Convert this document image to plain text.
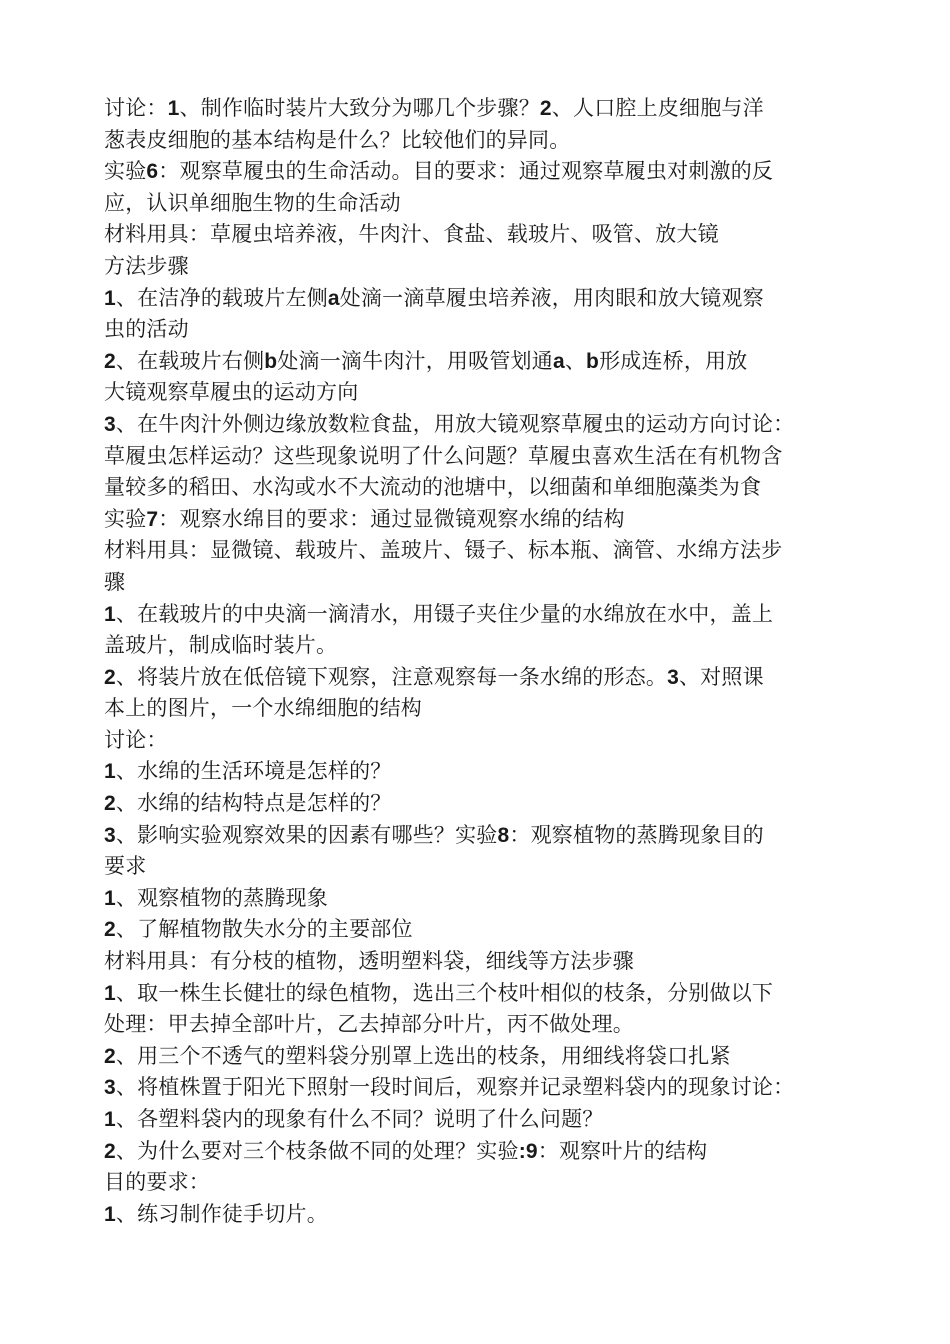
讨论：1、制作临时装片大致分为哪几个步骤？2、人口腔上皮细胞与洋
葱表皮细胞的基本结构是什么？比较他们的异同。
实验6：观察草履虫的生命活动。目的要求：通过观察草履虫对刺激的反
应，认识单细胞生物的生命活动
材料用具：草履虫培养液，牛肉汁、食盐、载玻片、吸管、放大镜
方法步骤
1、在洁净的载玻片左侧a处滴一滴草履虫培养液，用肉眼和放大镜观察
虫的活动
2、在载玻片右侧b处滴一滴牛肉汁，用吸管划通a、b形成连桥，用放
大镜观察草履虫的运动方向
3、在牛肉汁外侧边缘放数粒食盐，用放大镜观察草履虫的运动方向讨论：
草履虫怎样运动？这些现象说明了什么问题？草履虫喜欢生活在有机物含
量较多的稻田、水沟或水不大流动的池塘中，以细菌和单细胞藻类为食
实验7：观察水绵目的要求：通过显微镜观察水绵的结构
材料用具：显微镜、载玻片、盖玻片、镊子、标本瓶、滴管、水绵方法步
骤
1、在载玻片的中央滴一滴清水，用镊子夹住少量的水绵放在水中，盖上
盖玻片，制成临时装片。
2、将装片放在低倍镜下观察，注意观察每一条水绵的形态。3、对照课
本上的图片，一个水绵细胞的结构
讨论：
1、水绵的生活环境是怎样的？
2、水绵的结构特点是怎样的？
3、影响实验观察效果的因素有哪些？实验8：观察植物的蒸腾现象目的
要求
1、观察植物的蒸腾现象
2、了解植物散失水分的主要部位
材料用具：有分枝的植物，透明塑料袋，细线等方法步骤
1、取一株生长健壮的绿色植物，选出三个枝叶相似的枝条，分别做以下
处理：甲去掉全部叶片，乙去掉部分叶片，丙不做处理。
2、用三个不透气的塑料袋分别罩上选出的枝条，用细线将袋口扎紧
3、将植株置于阳光下照射一段时间后，观察并记录塑料袋内的现象讨论：
1、各塑料袋内的现象有什么不同？说明了什么问题？
2、为什么要对三个枝条做不同的处理？实验:9：观察叶片的结构
目的要求：
1、练习制作徒手切片。
